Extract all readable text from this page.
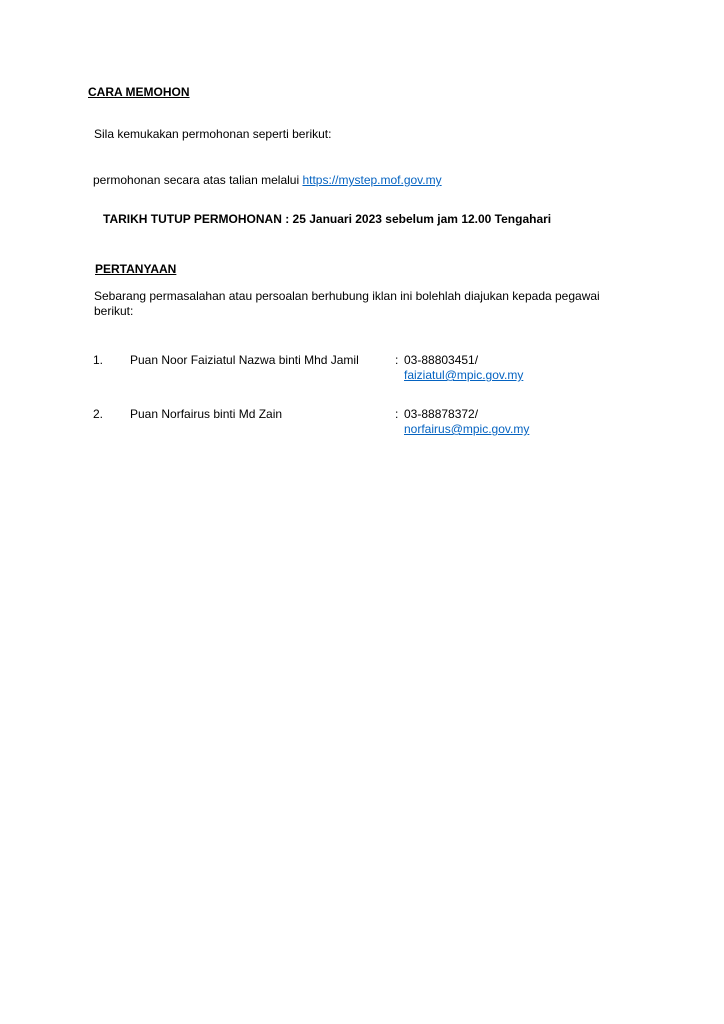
CARA MEMOHON
Sila kemukakan permohonan seperti berikut:
permohonan secara atas talian melalui https://mystep.mof.gov.my
TARIKH TUTUP PERMOHONAN : 25 Januari 2023 sebelum jam 12.00 Tengahari
PERTANYAAN
Sebarang permasalahan atau persoalan berhubung iklan ini bolehlah diajukan kepada pegawai berikut:
1. Puan Noor Faiziatul Nazwa binti Mhd Jamil	: 03-88803451/
faiziatul@mpic.gov.my
2. Puan Norfairus binti Md Zain	: 03-88878372/
norfairus@mpic.gov.my
